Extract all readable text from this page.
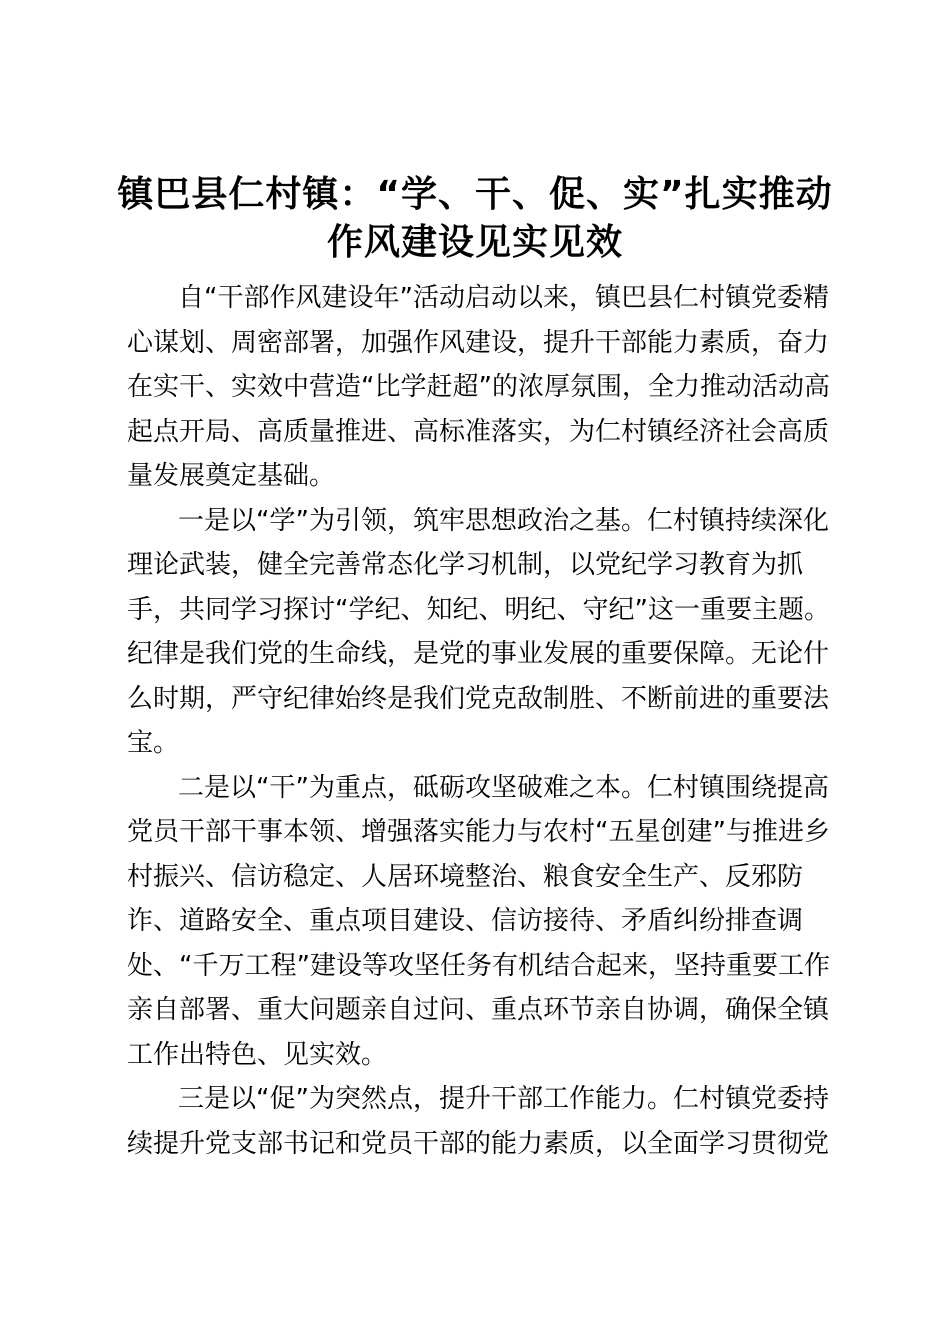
镇巴县仁村镇：“学、干、促、实”扎实推动
作风建设见实见效
自“干部作风建设年”活动启动以来，镇巴县仁村镇党委精
心谋划、周密部署，加强作风建设，提升干部能力素质，奋力
在实干、实效中营造“比学赶超”的浓厚氛围，全力推动活动高
起点开局、高质量推进、高标准落实，为仁村镇经济社会高质
量发展奠定基础。
一是以“学”为引领，筑牢思想政治之基。仁村镇持续深化
理论武装，健全完善常态化学习机制，以党纪学习教育为抓
手，共同学习探讨“学纪、知纪、明纪、守纪”这一重要主题。
纪律是我们党的生命线，是党的事业发展的重要保障。无论什
么时期，严守纪律始终是我们党克敌制胜、不断前进的重要法
宝。
二是以“干”为重点，砥砺攻坚破难之本。仁村镇围绕提高
党员干部干事本领、增强落实能力与农村“五星创建”与推进乡
村振兴、信访稳定、人居环境整治、粮食安全生产、反邪防
诈、道路安全、重点项目建设、信访接待、矛盾纠纷排查调
处、“千万工程”建设等攻坚任务有机结合起来，坚持重要工作
亲自部署、重大问题亲自过问、重点环节亲自协调，确保全镇
工作出特色、见实效。
三是以“促”为突然点，提升干部工作能力。仁村镇党委持
续提升党支部书记和党员干部的能力素质，以全面学习贯彻党
